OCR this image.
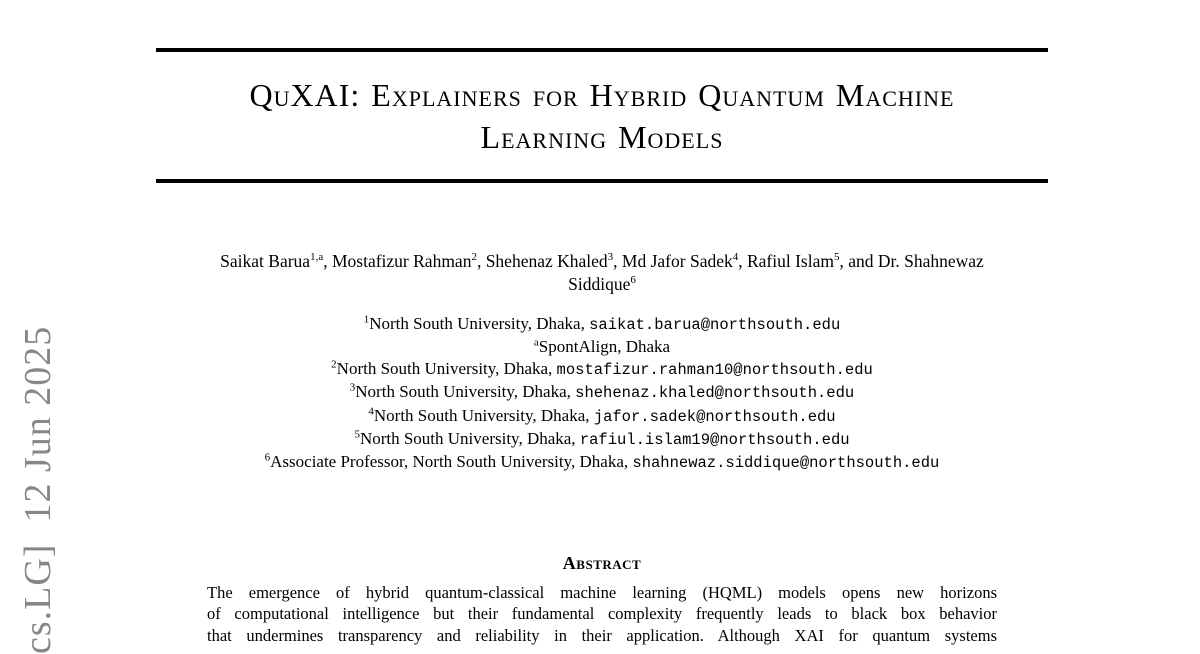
cs.LG]  12 Jun 2025
QuXAI: Explainers for Hybrid Quantum Machine
Learning Models

Saikat Barua$^{1,a}$, Mostafizur Rahman$^2$, Shehenaz Khaled$^3$, Md Jafor Sadek$^4$, Rafiul Islam$^5$, and Dr. Shahnewaz
Siddique$^6$

$^1$North South University, Dhaka, saikat.barua@northsouth.edu
$^a$SpontAlign, Dhaka
$^2$North South University, Dhaka, mostafizur.rahman10@northsouth.edu
$^3$North South University, Dhaka, shehenaz.khaled@northsouth.edu
$^4$North South University, Dhaka, jafor.sadek@northsouth.edu
$^5$North South University, Dhaka, rafiul.islam19@northsouth.edu
$^6$Associate Professor, North South University, Dhaka, shahnewaz.siddique@northsouth.edu
Abstract
The emergence of hybrid quantum-classical machine learning (HQML) models opens new horizons
of computational intelligence but their fundamental complexity frequently leads to black box behavior
that undermines transparency and reliability in their application. Although XAI for quantum systems
